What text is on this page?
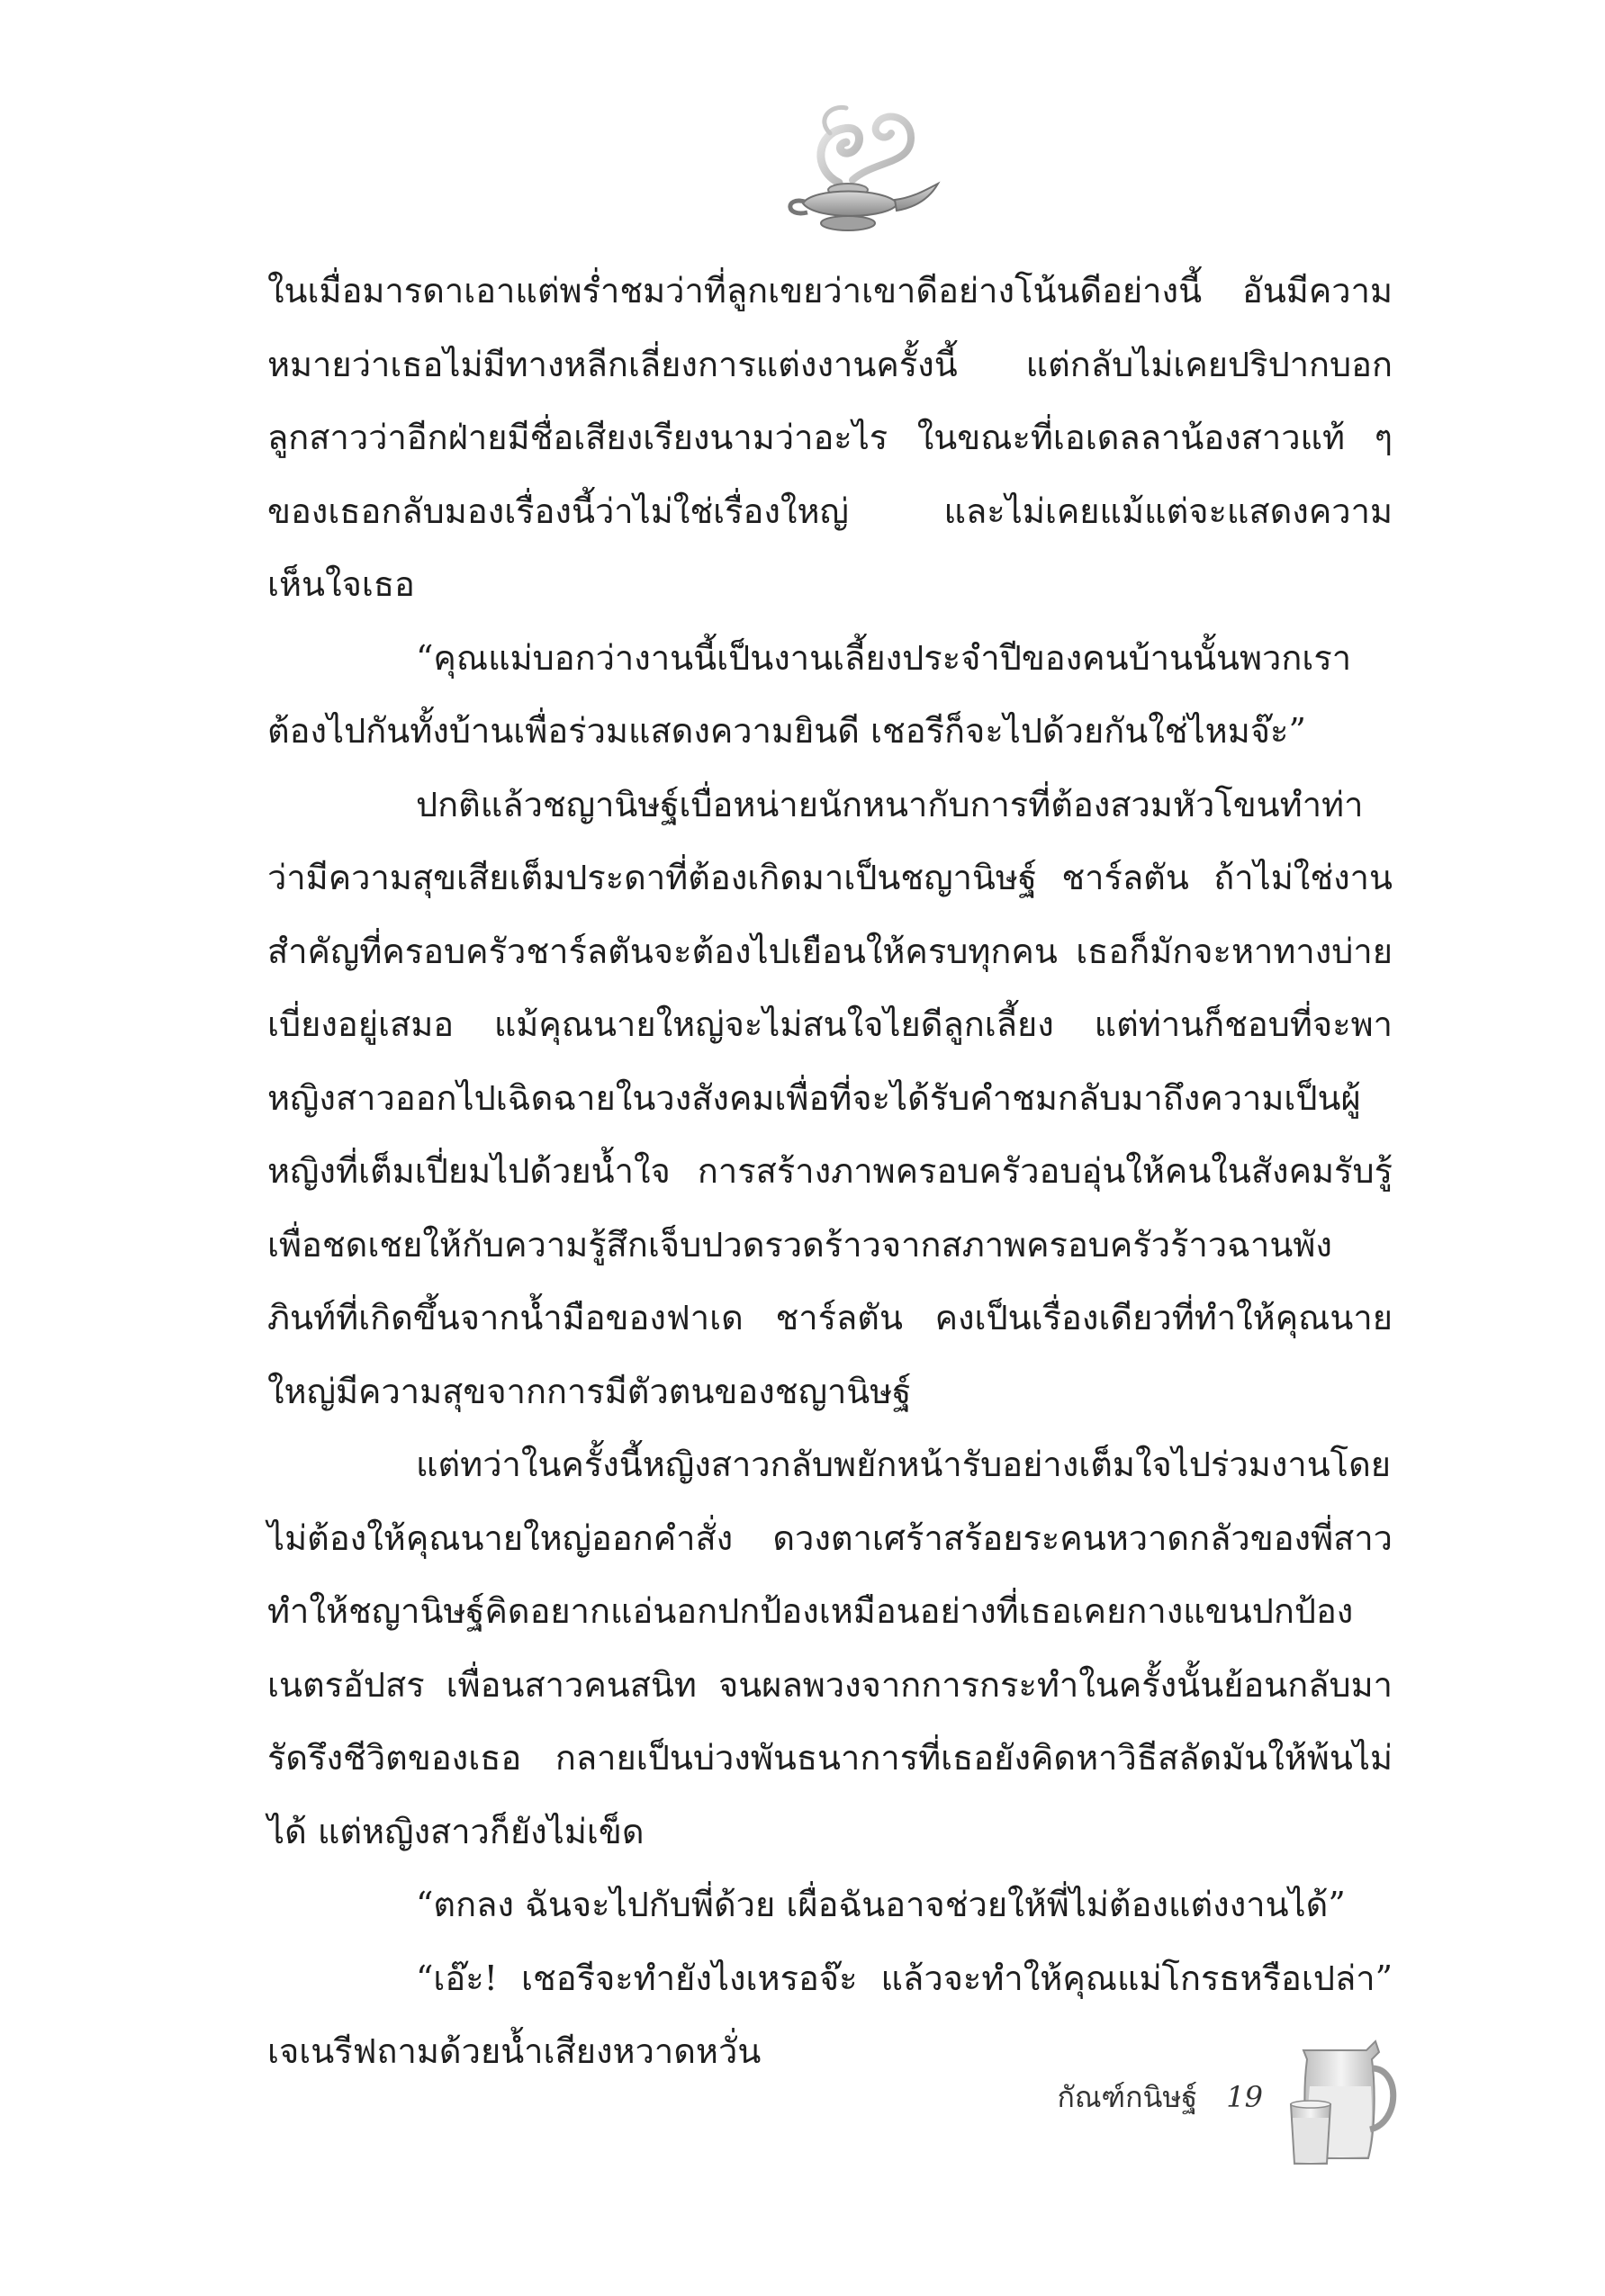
ในเมื่อมารดาเอาแต่พร่ำชมว่าที่ลูกเขยว่าเขาดีอย่างโน้นดีอย่างนี้ อันมีความหมายว่าเธอไม่มีทางหลีกเลี่ยงการแต่งงานครั้งนี้ แต่กลับไม่เคยปริปากบอกลูกสาวว่าอีกฝ่ายมีชื่อเสียงเรียงนามว่าอะไร ในขณะที่เอเดลลาน้องสาวแท้ ๆ ของเธอกลับมองเรื่องนี้ว่าไม่ใช่เรื่องใหญ่ และไม่เคยแม้แต่จะแสดงความเห็นใจเธอ

“คุณแม่บอกว่างานนี้เป็นงานเลี้ยงประจำปีของคนบ้านนั้นพวกเราต้องไปกันทั้งบ้านเพื่อร่วมแสดงความยินดี เชอรีก็จะไปด้วยกันใช่ไหมจ๊ะ”

ปกติแล้วชญานิษฐ์เบื่อหน่ายนักหนากับการที่ต้องสวมหัวโขนทำท่าว่ามีความสุขเสียเต็มประดาที่ต้องเกิดมาเป็นชญานิษฐ์ ชาร์ลตัน ถ้าไม่ใช่งานสำคัญที่ครอบครัวชาร์ลตันจะต้องไปเยือนให้ครบทุกคน เธอก็มักจะหาทางบ่ายเบี่ยงอยู่เสมอ แม้คุณนายใหญ่จะไม่สนใจไยดีลูกเลี้ยง แต่ท่านก็ชอบที่จะพาหญิงสาวออกไปเฉิดฉายในวงสังคมเพื่อที่จะได้รับคำชมกลับมาถึงความเป็นผู้หญิงที่เต็มเปี่ยมไปด้วยน้ำใจ การสร้างภาพครอบครัวอบอุ่นให้คนในสังคมรับรู้เพื่อชดเชยให้กับความรู้สึกเจ็บปวดรวดร้าวจากสภาพครอบครัวร้าวฉานพังภินท์ที่เกิดขึ้นจากน้ำมือของฟาเด ชาร์ลตัน คงเป็นเรื่องเดียวที่ทำให้คุณนายใหญ่มีความสุขจากการมีตัวตนของชญานิษฐ์

แต่ทว่าในครั้งนี้หญิงสาวกลับพยักหน้ารับอย่างเต็มใจไปร่วมงานโดยไม่ต้องให้คุณนายใหญ่ออกคำสั่ง ดวงตาเศร้าสร้อยระคนหวาดกลัวของพี่สาวทำให้ชญานิษฐ์คิดอยากแอ่นอกปกป้องเหมือนอย่างที่เธอเคยกางแขนปกป้องเนตรอัปสร เพื่อนสาวคนสนิท จนผลพวงจากการกระทำในครั้งนั้นย้อนกลับมารัดรึงชีวิตของเธอ กลายเป็นบ่วงพันธนาการที่เธอยังคิดหาวิธีสลัดมันให้พ้นไม่ได้ แต่หญิงสาวก็ยังไม่เข็ด

“ตกลง ฉันจะไปกับพี่ด้วย เผื่อฉันอาจช่วยให้พี่ไม่ต้องแต่งงานได้”

“เอ๊ะ! เชอรีจะทำยังไงเหรอจ๊ะ แล้วจะทำให้คุณแม่โกรธหรือเปล่า” เจเนรีฟถามด้วยน้ำเสียงหวาดหวั่น

กัณฑ์กนิษฐ์ 19
